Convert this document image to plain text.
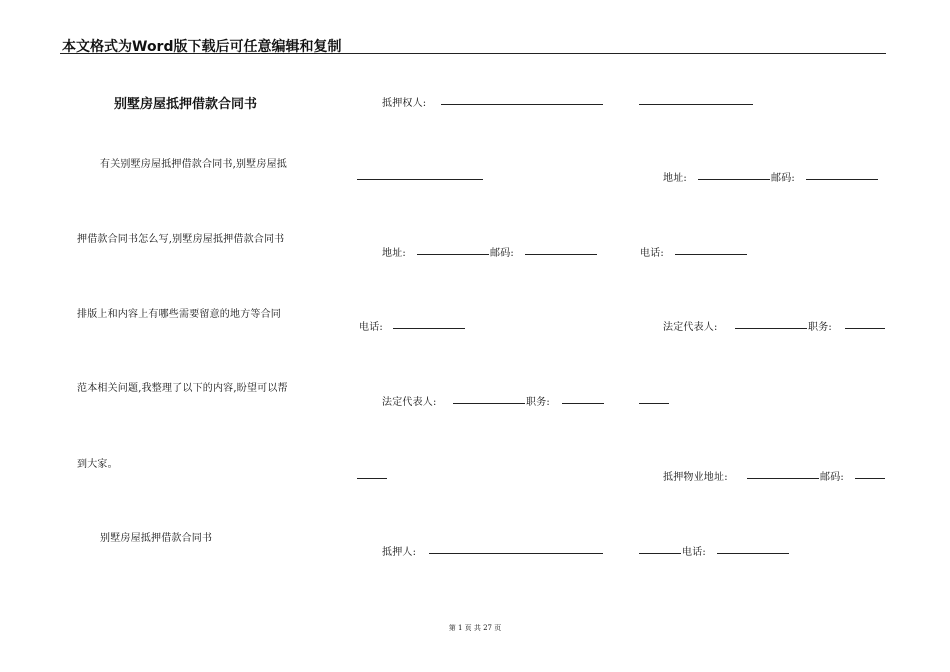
本文格式为Word版下载后可任意编辑和复制
别墅房屋抵押借款合同书
有关别墅房屋抵押借款合同书,别墅房屋抵
押借款合同书怎么写,别墅房屋抵押借款合同书
排版上和内容上有哪些需要留意的地方等合同
范本相关问题,我整理了以下的内容,盼望可以帮
到大家。
别墅房屋抵押借款合同书
抵押权人:
地址:	邮码:
地址:	邮码:	电话:
电话:	法定代表人:	职务:
法定代表人:	职务:
抵押物业地址:	邮码:
抵押人:	电话:
第 1 页 共 27 页
